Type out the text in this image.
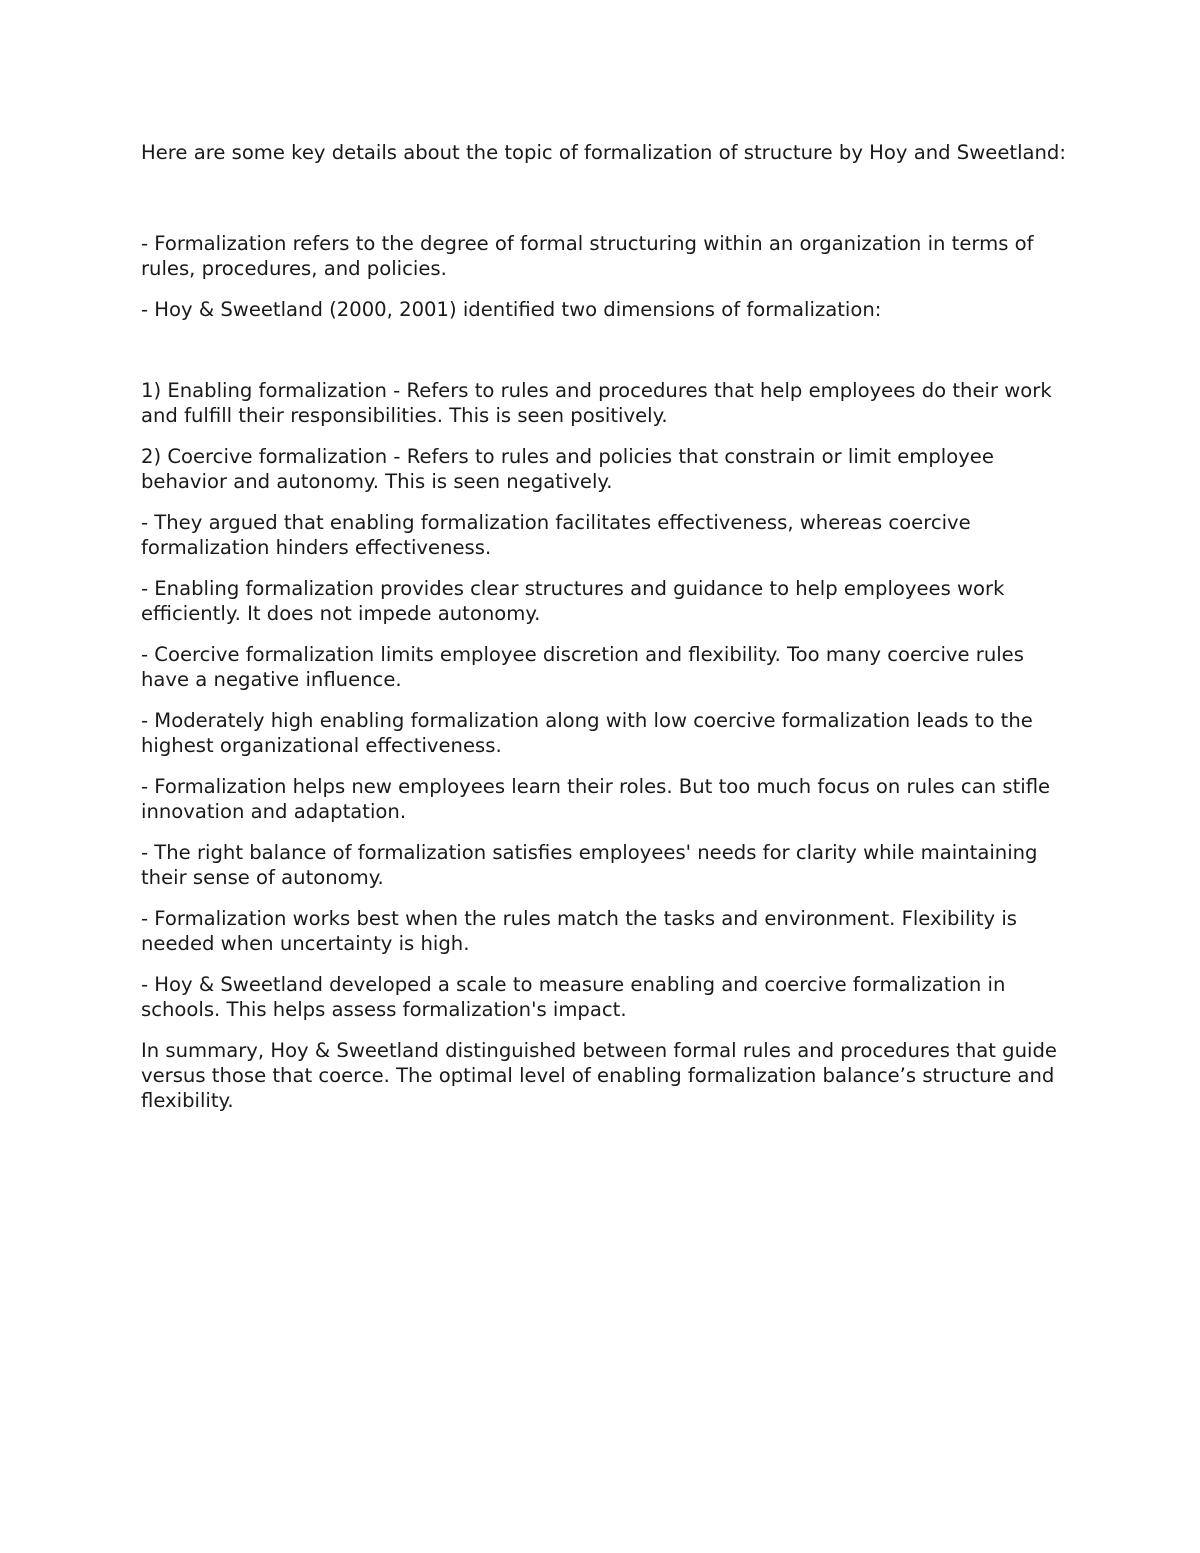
Here are some key details about the topic of formalization of structure by Hoy and Sweetland:

- Formalization refers to the degree of formal structuring within an organization in terms of rules, procedures, and policies.

- Hoy & Sweetland (2000, 2001) identified two dimensions of formalization:

1) Enabling formalization - Refers to rules and procedures that help employees do their work and fulfill their responsibilities. This is seen positively.

2) Coercive formalization - Refers to rules and policies that constrain or limit employee behavior and autonomy. This is seen negatively.

- They argued that enabling formalization facilitates effectiveness, whereas coercive formalization hinders effectiveness.

- Enabling formalization provides clear structures and guidance to help employees work efficiently. It does not impede autonomy.

- Coercive formalization limits employee discretion and flexibility. Too many coercive rules have a negative influence.

- Moderately high enabling formalization along with low coercive formalization leads to the highest organizational effectiveness.

- Formalization helps new employees learn their roles. But too much focus on rules can stifle innovation and adaptation.

- The right balance of formalization satisfies employees' needs for clarity while maintaining their sense of autonomy.

- Formalization works best when the rules match the tasks and environment. Flexibility is needed when uncertainty is high.

- Hoy & Sweetland developed a scale to measure enabling and coercive formalization in schools. This helps assess formalization's impact.

In summary, Hoy & Sweetland distinguished between formal rules and procedures that guide versus those that coerce. The optimal level of enabling formalization balance’s structure and flexibility.
